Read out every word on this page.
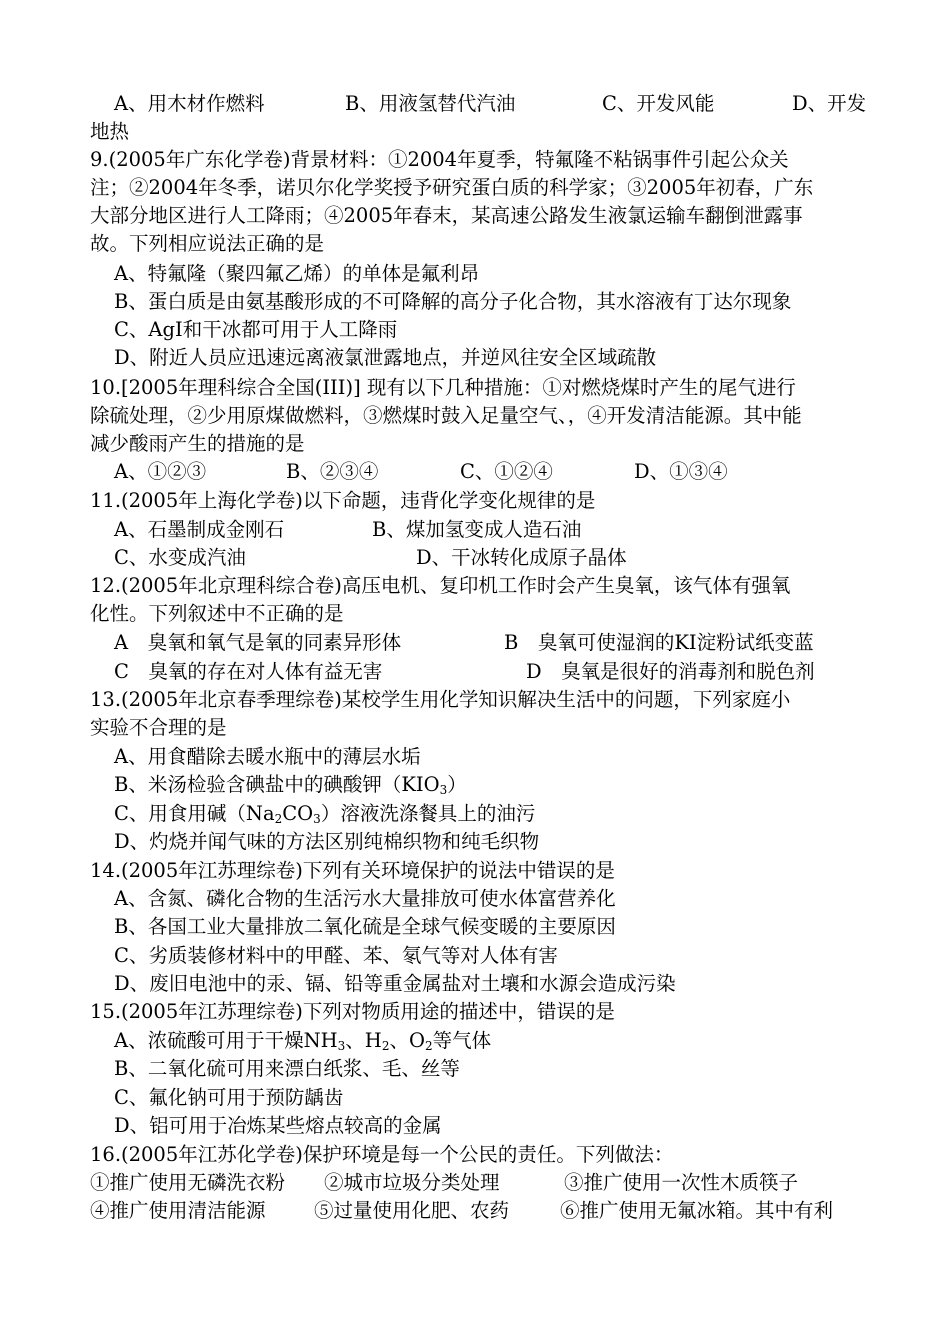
A、用木材作燃料	B、用液氢替代汽油	C、开发风能	D、开发
地热
9.(2005年广东化学卷)背景材料：①2004年夏季，特氟隆不粘锅事件引起公众关
注；②2004年冬季，诺贝尔化学奖授予研究蛋白质的科学家；③2005年初春，广东
大部分地区进行人工降雨；④2005年春末，某高速公路发生液氯运输车翻倒泄露事
故。下列相应说法正确的是
A、特氟隆（聚四氟乙烯）的单体是氟利昂
B、蛋白质是由氨基酸形成的不可降解的高分子化合物，其水溶液有丁达尔现象
C、AgI和干冰都可用于人工降雨
D、附近人员应迅速远离液氯泄露地点，并逆风往安全区域疏散
10.[2005年理科综合全国(III)] 现有以下几种措施：①对燃烧煤时产生的尾气进行
除硫处理，②少用原煤做燃料，③燃煤时鼓入足量空气、，④开发清洁能源。其中能
减少酸雨产生的措施的是
A、①②③	B、②③④	C、①②④	D、①③④
11.(2005年上海化学卷)以下命题，违背化学变化规律的是
A、石墨制成金刚石	B、煤加氢变成人造石油
C、水变成汽油	D、干冰转化成原子晶体
12.(2005年北京理科综合卷)高压电机、复印机工作时会产生臭氧，该气体有强氧
化性。下列叙述中不正确的是
A　臭氧和氧气是氧的同素异形体	B　臭氧可使湿润的KI淀粉试纸变蓝
C　臭氧的存在对人体有益无害	D　臭氧是很好的消毒剂和脱色剂
13.(2005年北京春季理综卷)某校学生用化学知识解决生活中的问题，下列家庭小
实验不合理的是
A、用食醋除去暖水瓶中的薄层水垢
B、米汤检验含碘盐中的碘酸钾$(KIO_3)$
C、用食用碱$(Na_2CO_3)$溶液洗涤餐具上的油污
D、灼烧并闻气味的方法区别纯棉织物和纯毛织物
14.(2005年江苏理综卷)下列有关环境保护的说法中错误的是
A、含氮、磷化合物的生活污水大量排放可使水体富营养化
B、各国工业大量排放二氧化硫是全球气候变暖的主要原因
C、劣质装修材料中的甲醛、苯、氡气等对人体有害
D、废旧电池中的汞、镉、铅等重金属盐对土壤和水源会造成污染
15.(2005年江苏理综卷)下列对物质用途的描述中，错误的是
A、浓硫酸可用于干燥$NH_3$、$H_2$、$O_2$等气体
B、二氧化硫可用来漂白纸浆、毛、丝等
C、氟化钠可用于预防龋齿
D、铝可用于冶炼某些熔点较高的金属
16.(2005年江苏化学卷)保护环境是每一个公民的责任。下列做法：
①推广使用无磷洗衣粉 ②城市垃圾分类处理	③推广使用一次性木质筷子
④推广使用清洁能源 ⑤过量使用化肥、农药	⑥推广使用无氟冰箱。其中有利
